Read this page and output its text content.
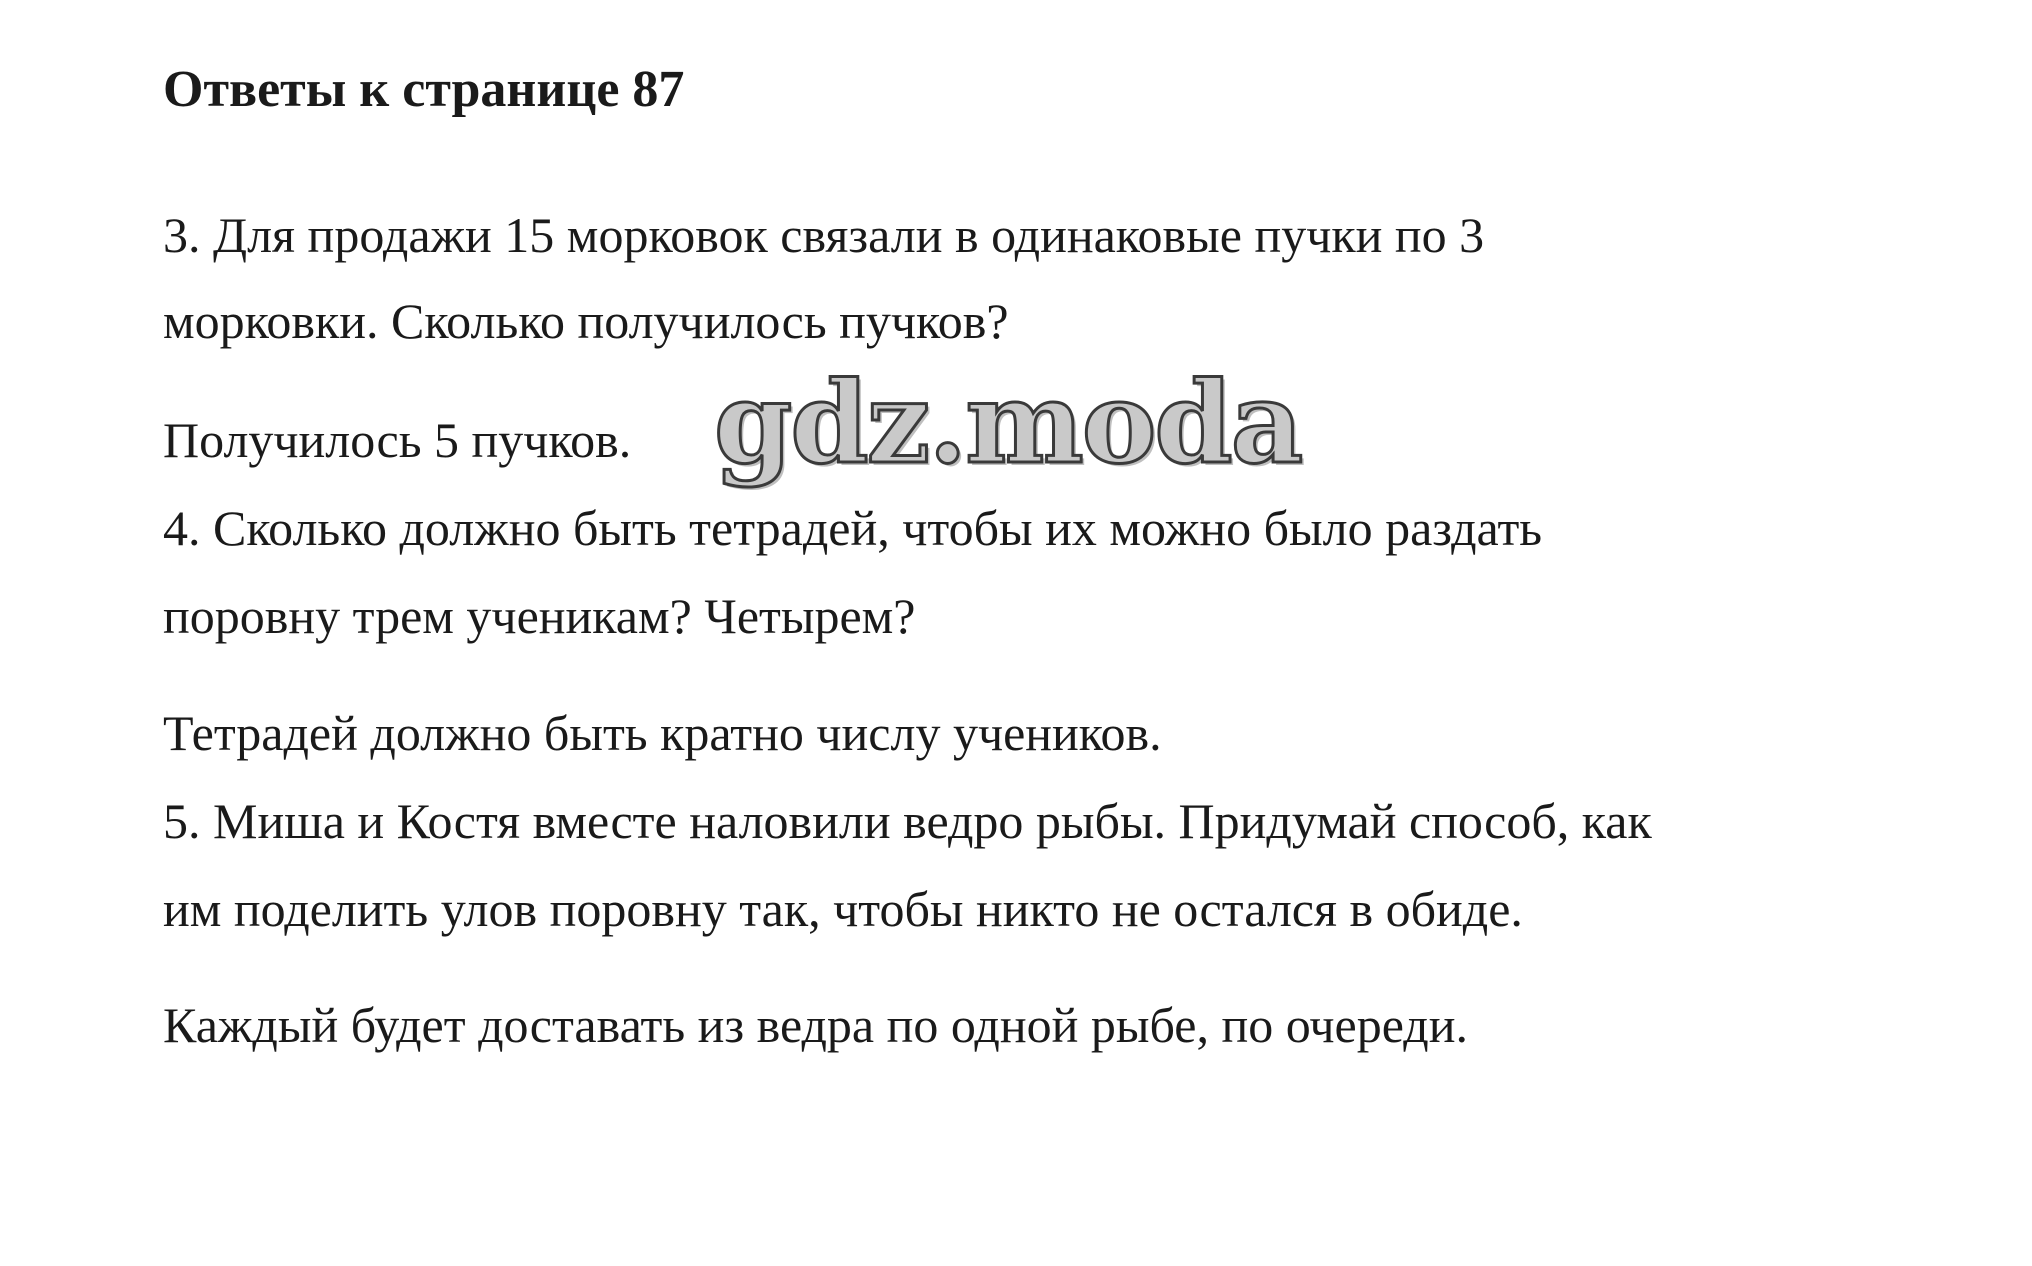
Ответы к странице 87
3. Для продажи 15 морковок связали в одинаковые пучки по 3
морковки. Сколько получилось пучков?
Получилось 5 пучков.
4. Сколько должно быть тетрадей, чтобы их можно было раздать
поровну трем ученикам? Четырем?
Тетрадей должно быть кратно числу учеников.
5. Миша и Костя вместе наловили ведро рыбы. Придумай способ, как
им поделить улов поровну так, чтобы никто не остался в обиде.
Каждый будет доставать из ведра по одной рыбе, по очереди.
gdz.moda
